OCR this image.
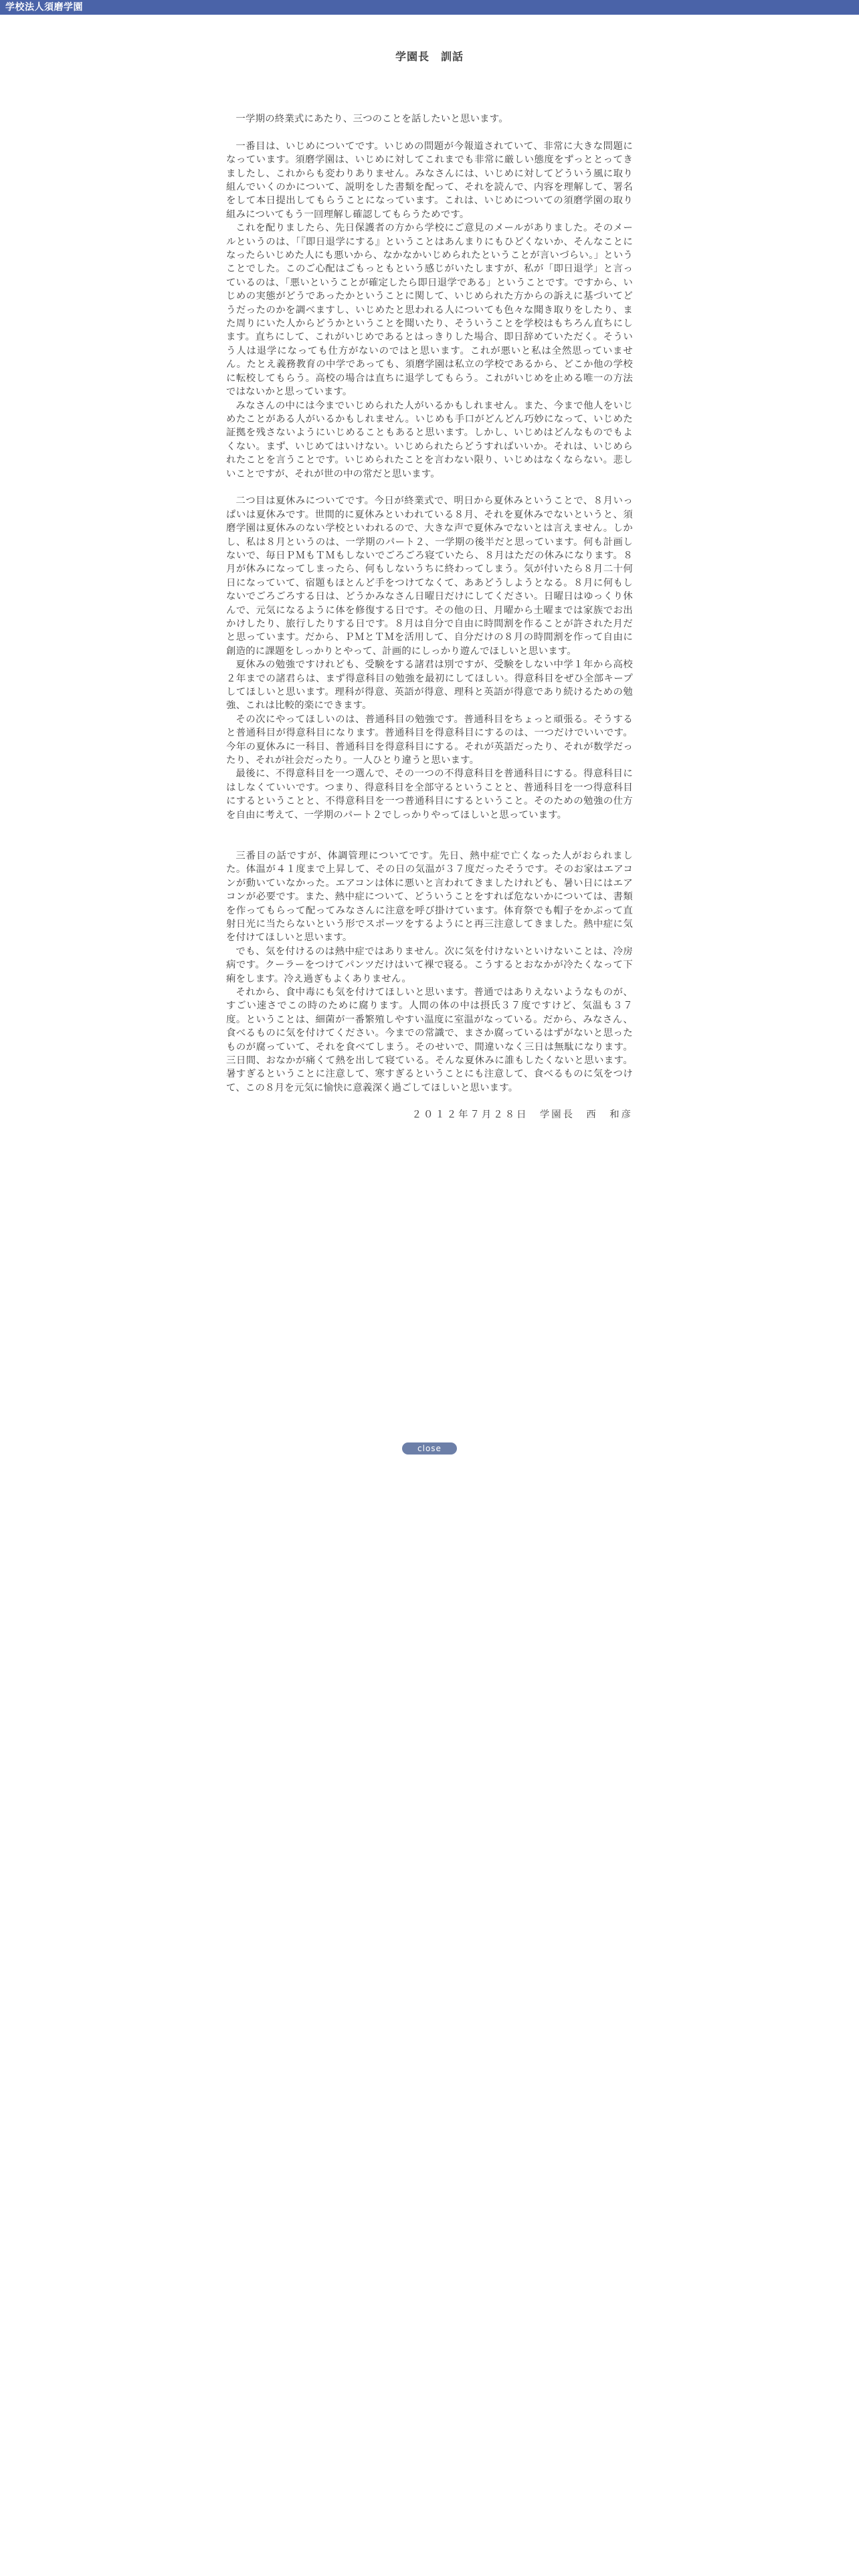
学校法人須磨学園
学園長　訓話

一学期の終業式にあたり、三つのことを話したいと思います。

一番目は、いじめについてです。いじめの問題が今報道されていて、非常に大きな問題になっています。須磨学園は、いじめに対してこれまでも非常に厳しい態度をずっととってきましたし、これからも変わりありません。みなさんには、いじめに対してどういう風に取り組んでいくのかについて、説明をした書類を配って、それを読んで、内容を理解して、署名をして本日提出してもらうことになっています。これは、いじめについての須磨学園の取り組みについてもう一回理解し確認してもらうためです。

これを配りましたら、先日保護者の方から学校にご意見のメールがありました。そのメールというのは、「『即日退学にする』ということはあんまりにもひどくないか、そんなことになったらいじめた人にも悪いから、なかなかいじめられたということが言いづらい。」ということでした。このご心配はごもっともという感じがいたしますが、私が「即日退学」と言っているのは、「悪いということが確定したら即日退学である」ということです。ですから、いじめの実態がどうであったかということに関して、いじめられた方からの訴えに基づいてどうだったのかを調べますし、いじめたと思われる人についても色々な聞き取りをしたり、また周りにいた人からどうかということを聞いたり、そういうことを学校はもちろん直ちにします。直ちにして、これがいじめであるとはっきりした場合、即日辞めていただく。そういう人は退学になっても仕方がないのではと思います。これが悪いと私は全然思っていません。たとえ義務教育の中学であっても、須磨学園は私立の学校であるから、どこか他の学校に転校してもらう。高校の場合は直ちに退学してもらう。これがいじめを止める唯一の方法ではないかと思っています。

みなさんの中には今までいじめられた人がいるかもしれません。また、今まで他人をいじめたことがある人がいるかもしれません。いじめも手口がどんどん巧妙になって、いじめた証拠を残さないようにいじめることもあると思います。しかし、いじめはどんなものでもよくない。まず、いじめてはいけない。いじめられたらどうすればいいか。それは、いじめられたことを言うことです。いじめられたことを言わない限り、いじめはなくならない。悲しいことですが、それが世の中の常だと思います。

二つ目は夏休みについてです。今日が終業式で、明日から夏休みということで、８月いっぱいは夏休みです。世間的に夏休みといわれている８月、それを夏休みでないというと、須磨学園は夏休みのない学校といわれるので、大きな声で夏休みでないとは言えません。しかし、私は８月というのは、一学期のパート２、一学期の後半だと思っています。何も計画しないで、毎日ＰＭもＴＭもしないでごろごろ寝ていたら、８月はただの休みになります。８月が休みになってしまったら、何もしないうちに終わってしまう。気が付いたら８月二十何日になっていて、宿題もほとんど手をつけてなくて、ああどうしようとなる。８月に何もしないでごろごろする日は、どうかみなさん日曜日だけにしてください。日曜日はゆっくり休んで、元気になるように体を修復する日です。その他の日、月曜から土曜までは家族でお出かけしたり、旅行したりする日です。８月は自分で自由に時間割を作ることが許された月だと思っています。だから、ＰＭとＴＭを活用して、自分だけの８月の時間割を作って自由に創造的に課題をしっかりとやって、計画的にしっかり遊んでほしいと思います。

夏休みの勉強ですけれども、受験をする諸君は別ですが、受験をしない中学１年から高校２年までの諸君らは、まず得意科目の勉強を最初にしてほしい。得意科目をぜひ全部キープしてほしいと思います。理科が得意、英語が得意、理科と英語が得意であり続けるための勉強、これは比較的楽にできます。

その次にやってほしいのは、普通科目の勉強です。普通科目をちょっと頑張る。そうすると普通科目が得意科目になります。普通科目を得意科目にするのは、一つだけでいいです。今年の夏休みに一科目、普通科目を得意科目にする。それが英語だったり、それが数学だったり、それが社会だったり。一人ひとり違うと思います。

最後に、不得意科目を一つ選んで、その一つの不得意科目を普通科目にする。得意科目にはしなくていいです。つまり、得意科目を全部守るということと、普通科目を一つ得意科目にするということと、不得意科目を一つ普通科目にするということ。そのための勉強の仕方を自由に考えて、一学期のパート２でしっかりやってほしいと思っています。

三番目の話ですが、体調管理についてです。先日、熱中症で亡くなった人がおられました。体温が４１度まで上昇して、その日の気温が３７度だったそうです。そのお家はエアコンが動いていなかった。エアコンは体に悪いと言われてきましたけれども、暑い日にはエアコンが必要です。また、熱中症について、どういうことをすれば危ないかについては、書類を作ってもらって配ってみなさんに注意を呼び掛けています。体育祭でも帽子をかぶって直射日光に当たらないという形でスポーツをするようにと再三注意してきました。熱中症に気を付けてほしいと思います。

でも、気を付けるのは熱中症ではありません。次に気を付けないといけないことは、冷房病です。クーラーをつけてパンツだけはいて裸で寝る。こうするとおなかが冷たくなって下痢をします。冷え過ぎもよくありません。

それから、食中毒にも気を付けてほしいと思います。普通ではありえないようなものが、すごい速さでこの時のために腐ります。人間の体の中は摂氏３７度ですけど、気温も３７度。ということは、細菌が一番繁殖しやすい温度に室温がなっている。だから、みなさん、食べるものに気を付けてください。今までの常識で、まさか腐っているはずがないと思ったものが腐っていて、それを食べてしまう。そのせいで、間違いなく三日は無駄になります。三日間、おなかが痛くて熱を出して寝ている。そんな夏休みに誰もしたくないと思います。暑すぎるということに注意して、寒すぎるということにも注意して、食べるものに気をつけて、この８月を元気に愉快に意義深く過ごしてほしいと思います。

２０１２年７月２８日　学園長　西　和彦
close
